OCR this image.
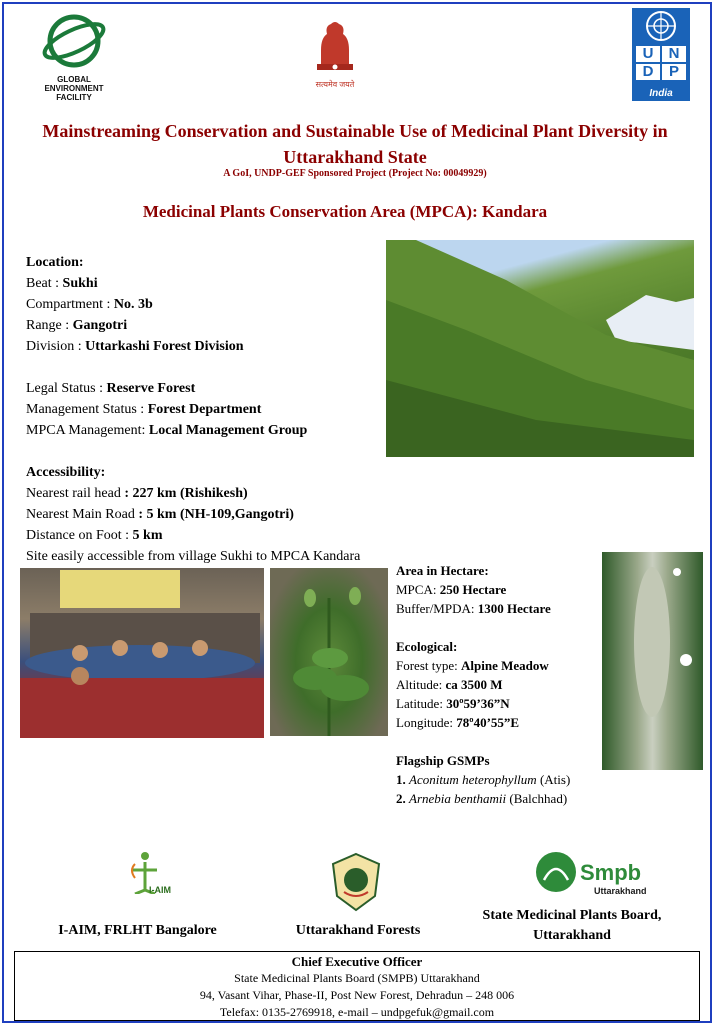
GLOBAL
ENVIRONMENT
FACILITY
सत्यमेव जयते
U	N
D	P
India
Mainstreaming Conservation and Sustainable Use of Medicinal Plant Diversity in Uttarakhand State
A GoI, UNDP-GEF Sponsored Project (Project No: 00049929)
Medicinal Plants Conservation Area (MPCA): Kandara
Location:
Beat : Sukhi
Compartment : No. 3b
Range : Gangotri
Division : Uttarkashi Forest Division
Legal Status : Reserve Forest
Management Status : Forest Department
MPCA Management: Local Management Group
Accessibility:
Nearest rail head : 227 km (Rishikesh)
Nearest Main Road : 5 km (NH-109,Gangotri)
Distance on Foot : 5 km
Site easily accessible from village Sukhi to MPCA Kandara
Area in Hectare:
MPCA: 250 Hectare
Buffer/MPDA: 1300 Hectare
Ecological:
Forest type: Alpine Meadow
Altitude: ca 3500 M
Latitude: 30º59’36”N
Longitude: 78º40’55”E
Flagship GSMPs
1. Aconitum heterophyllum (Atis)
2. Arnebia benthamii (Balchhad)
I-AIM
Smpb
Uttarakhand
I-AIM, FRLHT Bangalore	Uttarakhand Forests
State Medicinal Plants Board, Uttarakhand
Chief Executive Officer
State Medicinal Plants Board (SMPB) Uttarakhand
94, Vasant Vihar, Phase-II, Post New Forest, Dehradun – 248 006
Telefax: 0135-2769918, e-mail – undpgefuk@gmail.com
